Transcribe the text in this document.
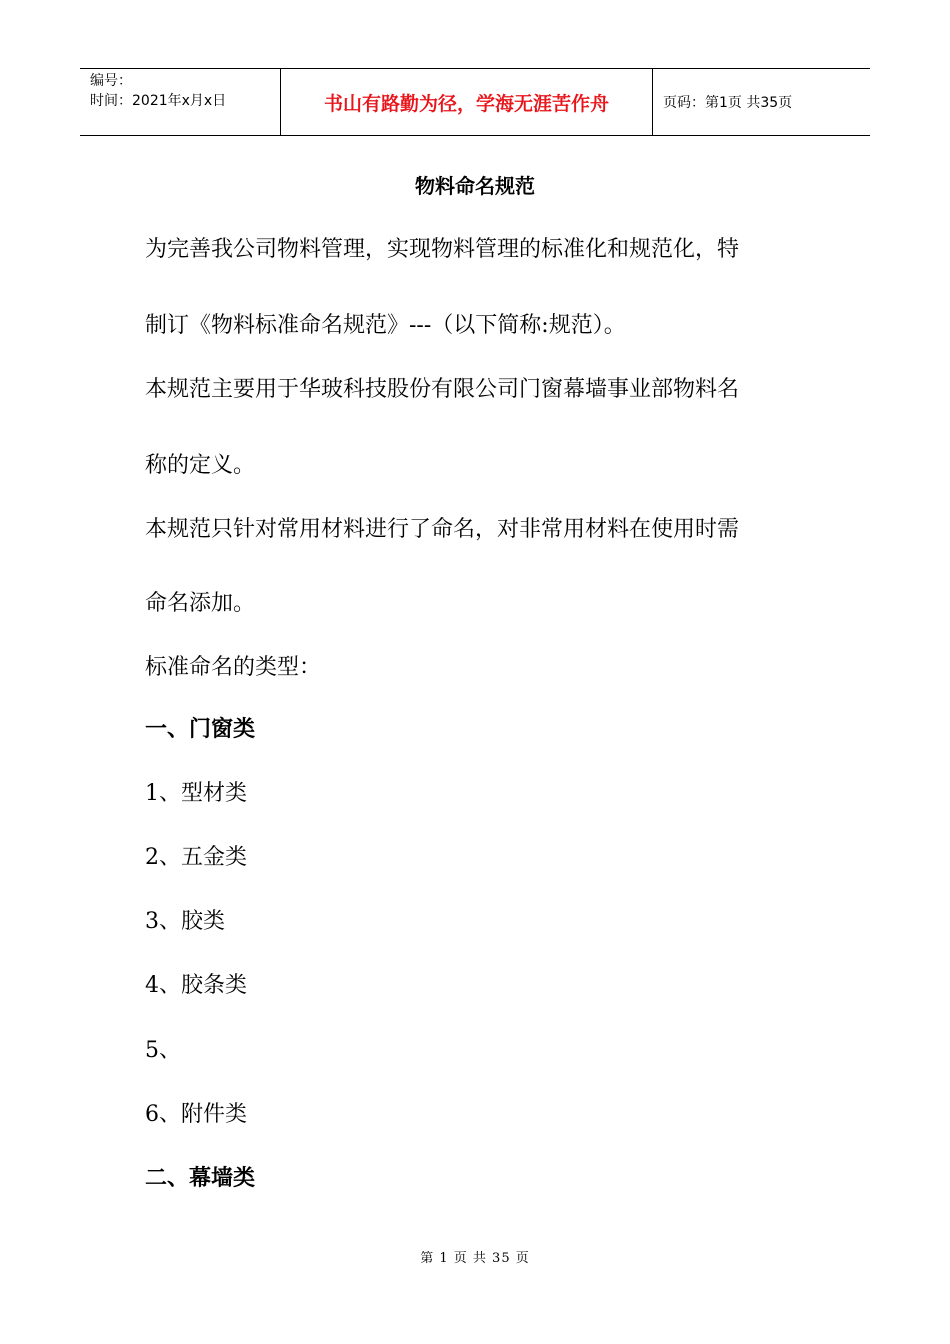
编号：
时间：2021年x月x日	书山有路勤为径，学海无涯苦作舟	页码：第1页 共35页
物料命名规范
为完善我公司物料管理，实现物料管理的标准化和规范化，特
制订《物料标准命名规范》---（以下简称:规范）。
本规范主要用于华玻科技股份有限公司门窗幕墙事业部物料名
称的定义。
本规范只针对常用材料进行了命名，对非常用材料在使用时需
命名添加。
标准命名的类型：
一、门窗类
1、型材类
2、五金类
3、胶类
4、胶条类
5、
6、附件类
二、幕墙类
第 1 页 共 35 页
